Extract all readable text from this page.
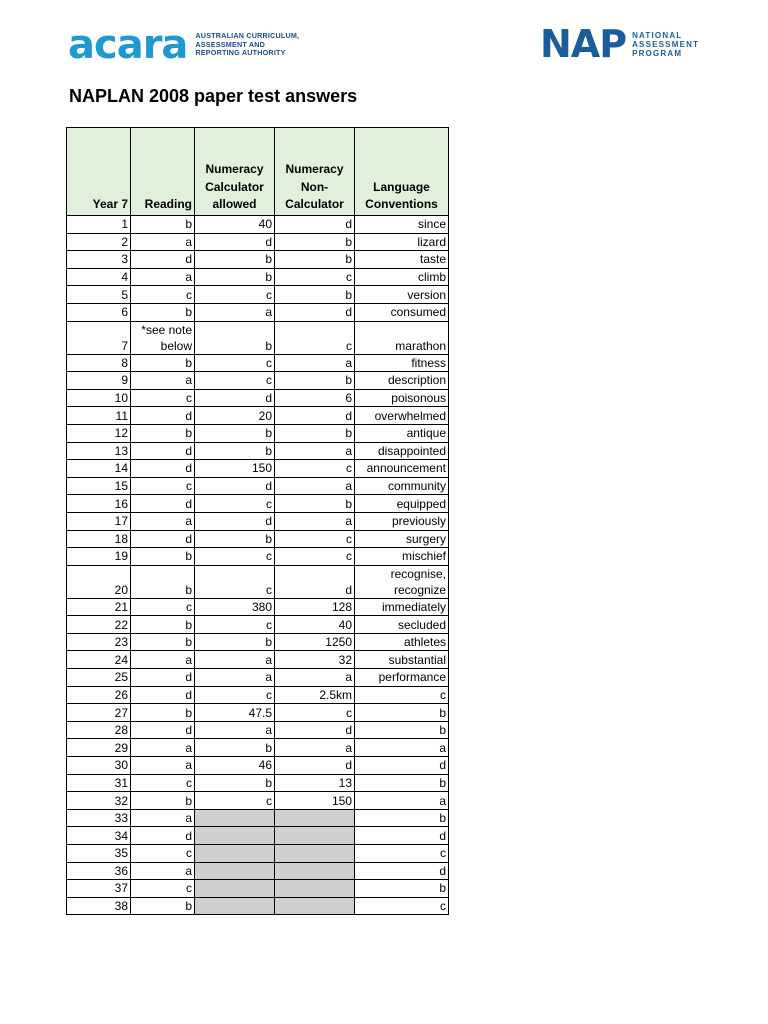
acara AUSTRALIAN CURRICULUM,
ASSESSMENT AND
REPORTING AUTHORITY	NAP NATIONAL
ASSESSMENT
PROGRAM
NAPLAN 2008 paper test answers
Year 7	Reading	Numeracy Calculator allowed	Numeracy Non-Calculator	Language Conventions
1	b	40	d	since
2	a	d	b	lizard
3	d	b	b	taste
4	a	b	c	climb
5	c	c	b	version
6	b	a	d	consumed
7	*see note below	b	c	marathon
8	b	c	a	fitness
9	a	c	b	description
10	c	d	6	poisonous
11	d	20	d	overwhelmed
12	b	b	b	antique
13	d	b	a	disappointed
14	d	150	c	announcement
15	c	d	a	community
16	d	c	b	equipped
17	a	d	a	previously
18	d	b	c	surgery
19	b	c	c	mischief
20	b	c	d	recognise, recognize

21	c	380	128	immediately
22	b	c	40	secluded
23	b	b	1250	athletes
24	a	a	32	substantial
25	d	a	a	performance
26	d	c	2.5km	c
27	b	47.5	c	b
28	d	a	d	b
29	a	b	a	a
30	a	46	d	d
31	c	b	13	b
32	b	c	150	a
33	a			b
34	d			d
35	c			c
36	a			d
37	c			b
38	b			c
